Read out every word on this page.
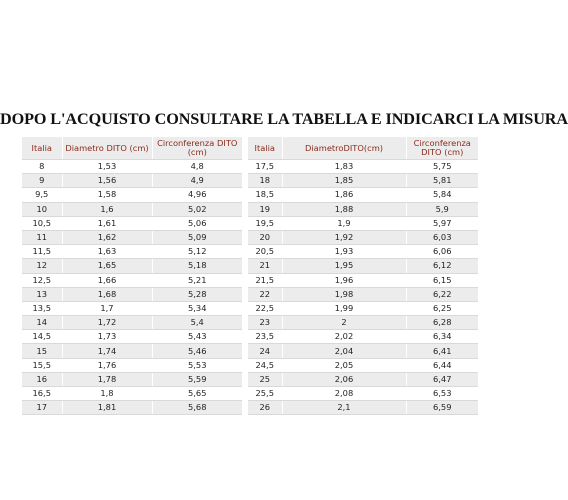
DOPO L'ACQUISTO CONSULTARE LA TABELLA E INDICARCI LA MISURA
Italia	Diametro DITO (cm)	Circonferenza DITO (cm)
8	1,53	4,8
9	1,56	4,9
9,5	1,58	4,96
10	1,6	5,02
10,5	1,61	5,06
11	1,62	5,09
11,5	1,63	5,12
12	1,65	5,18
12,5	1,66	5,21
13	1,68	5,28
13,5	1,7	5,34
14	1,72	5,4
14,5	1,73	5,43
15	1,74	5,46
15,5	1,76	5,53
16	1,78	5,59
16,5	1,8	5,65
17	1,81	5,68
Italia	DiametroDITO(cm)	Circonferenza DITO (cm)
17,5	1,83	5,75
18	1,85	5,81
18,5	1,86	5,84
19	1,88	5,9
19,5	1,9	5,97
20	1,92	6,03
20,5	1,93	6,06
21	1,95	6,12
21,5	1,96	6,15
22	1,98	6,22
22,5	1,99	6,25
23	2	6,28
23,5	2,02	6,34
24	2,04	6,41
24,5	2,05	6,44
25	2,06	6,47
25,5	2,08	6,53
26	2,1	6,59
